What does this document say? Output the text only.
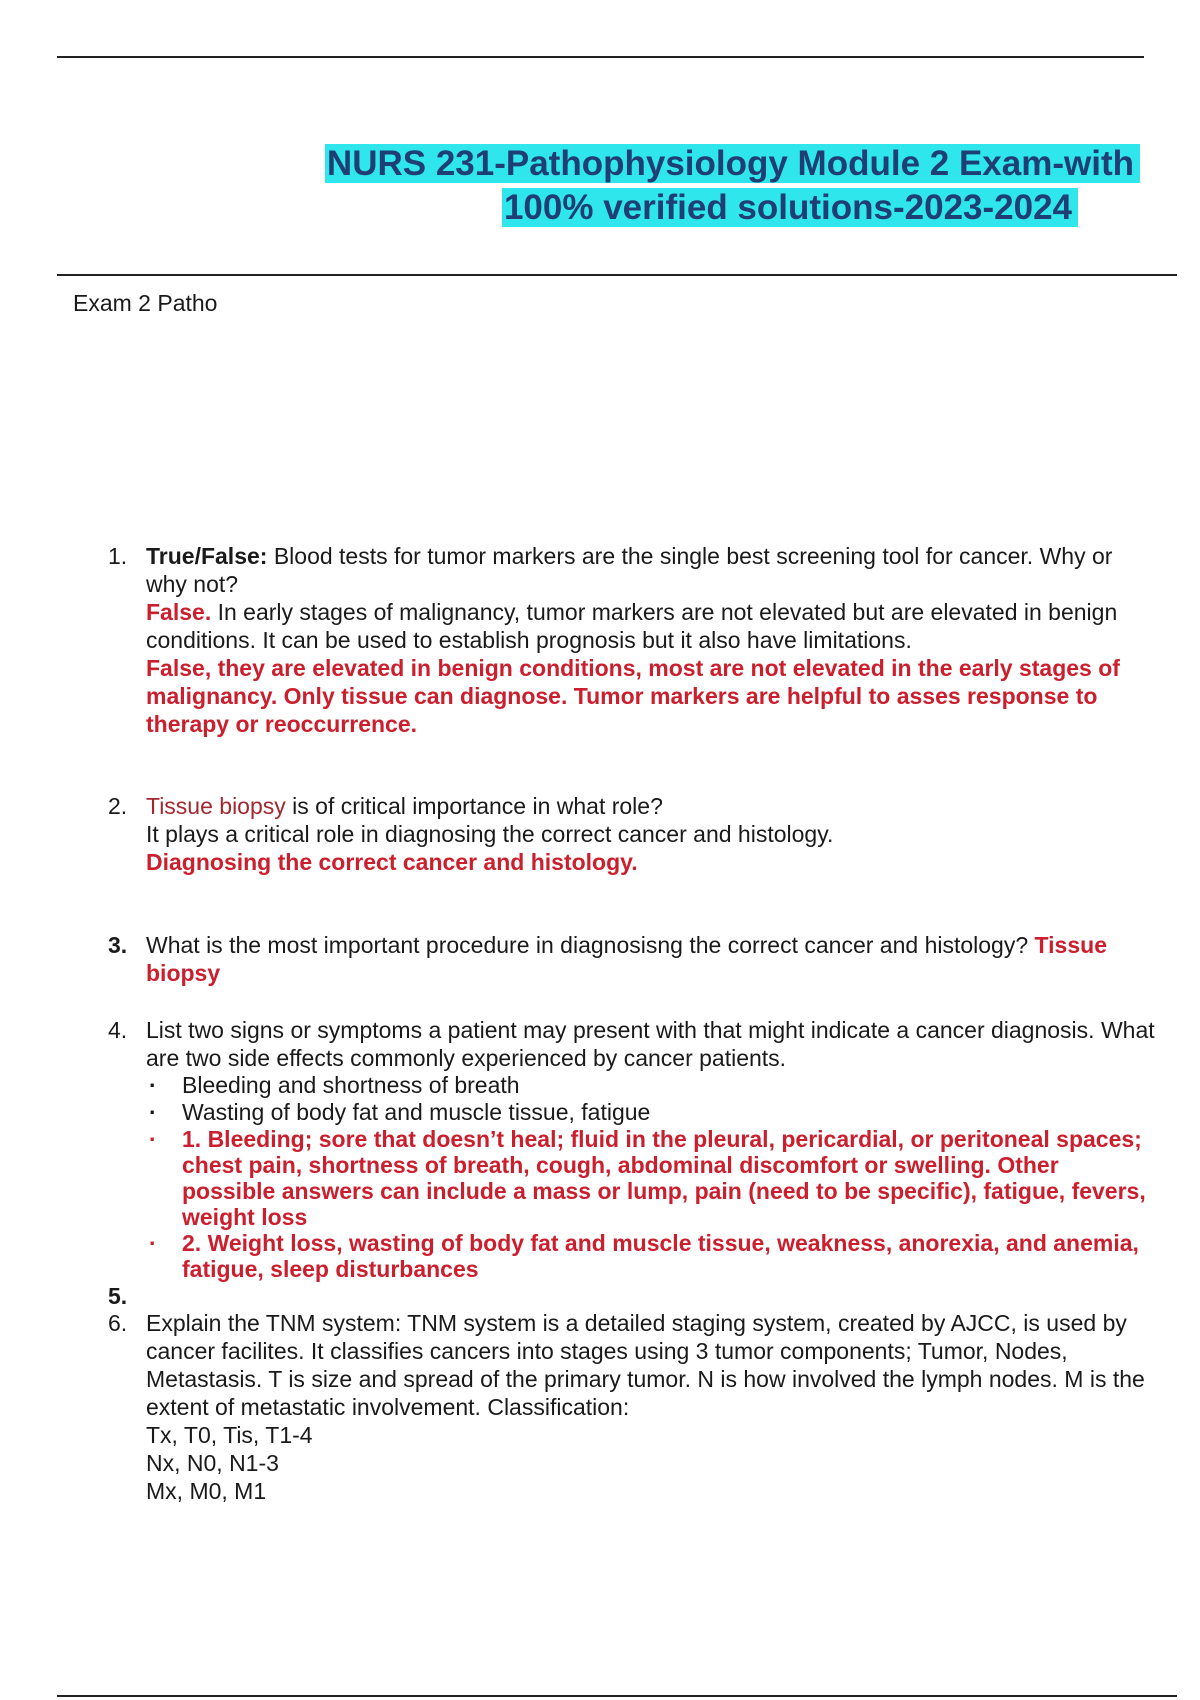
NURS 231-Pathophysiology Module 2 Exam-with
100% verified solutions-2023-2024
Exam 2 Patho
1. True/False: Blood tests for tumor markers are the single best screening tool for cancer. Why or why not?
False. In early stages of malignancy, tumor markers are not elevated but are elevated in benign conditions. It can be used to establish prognosis but it also have limitations.
False, they are elevated in benign conditions, most are not elevated in the early stages of malignancy. Only tissue can diagnose. Tumor markers are helpful to asses response to therapy or reoccurrence.
2. Tissue biopsy is of critical importance in what role?
It plays a critical role in diagnosing the correct cancer and histology.
Diagnosing the correct cancer and histology.
3. What is the most important procedure in diagnosisng the correct cancer and histology? Tissue biopsy
4. List two signs or symptoms a patient may present with that might indicate a cancer diagnosis. What are two side effects commonly experienced by cancer patients.
· Bleeding and shortness of breath
· Wasting of body fat and muscle tissue, fatigue
· 1. Bleeding; sore that doesn’t heal; fluid in the pleural, pericardial, or peritoneal spaces; chest pain, shortness of breath, cough, abdominal discomfort or swelling. Other possible answers can include a mass or lump, pain (need to be specific), fatigue, fevers, weight loss
· 2. Weight loss, wasting of body fat and muscle tissue, weakness, anorexia, and anemia, fatigue, sleep disturbances
5.
6. Explain the TNM system: TNM system is a detailed staging system, created by AJCC, is used by cancer facilites. It classifies cancers into stages using 3 tumor components; Tumor, Nodes, Metastasis. T is size and spread of the primary tumor. N is how involved the lymph nodes. M is the extent of metastatic involvement. Classification:
Tx, T0, Tis, T1-4
Nx, N0, N1-3
Mx, M0, M1
